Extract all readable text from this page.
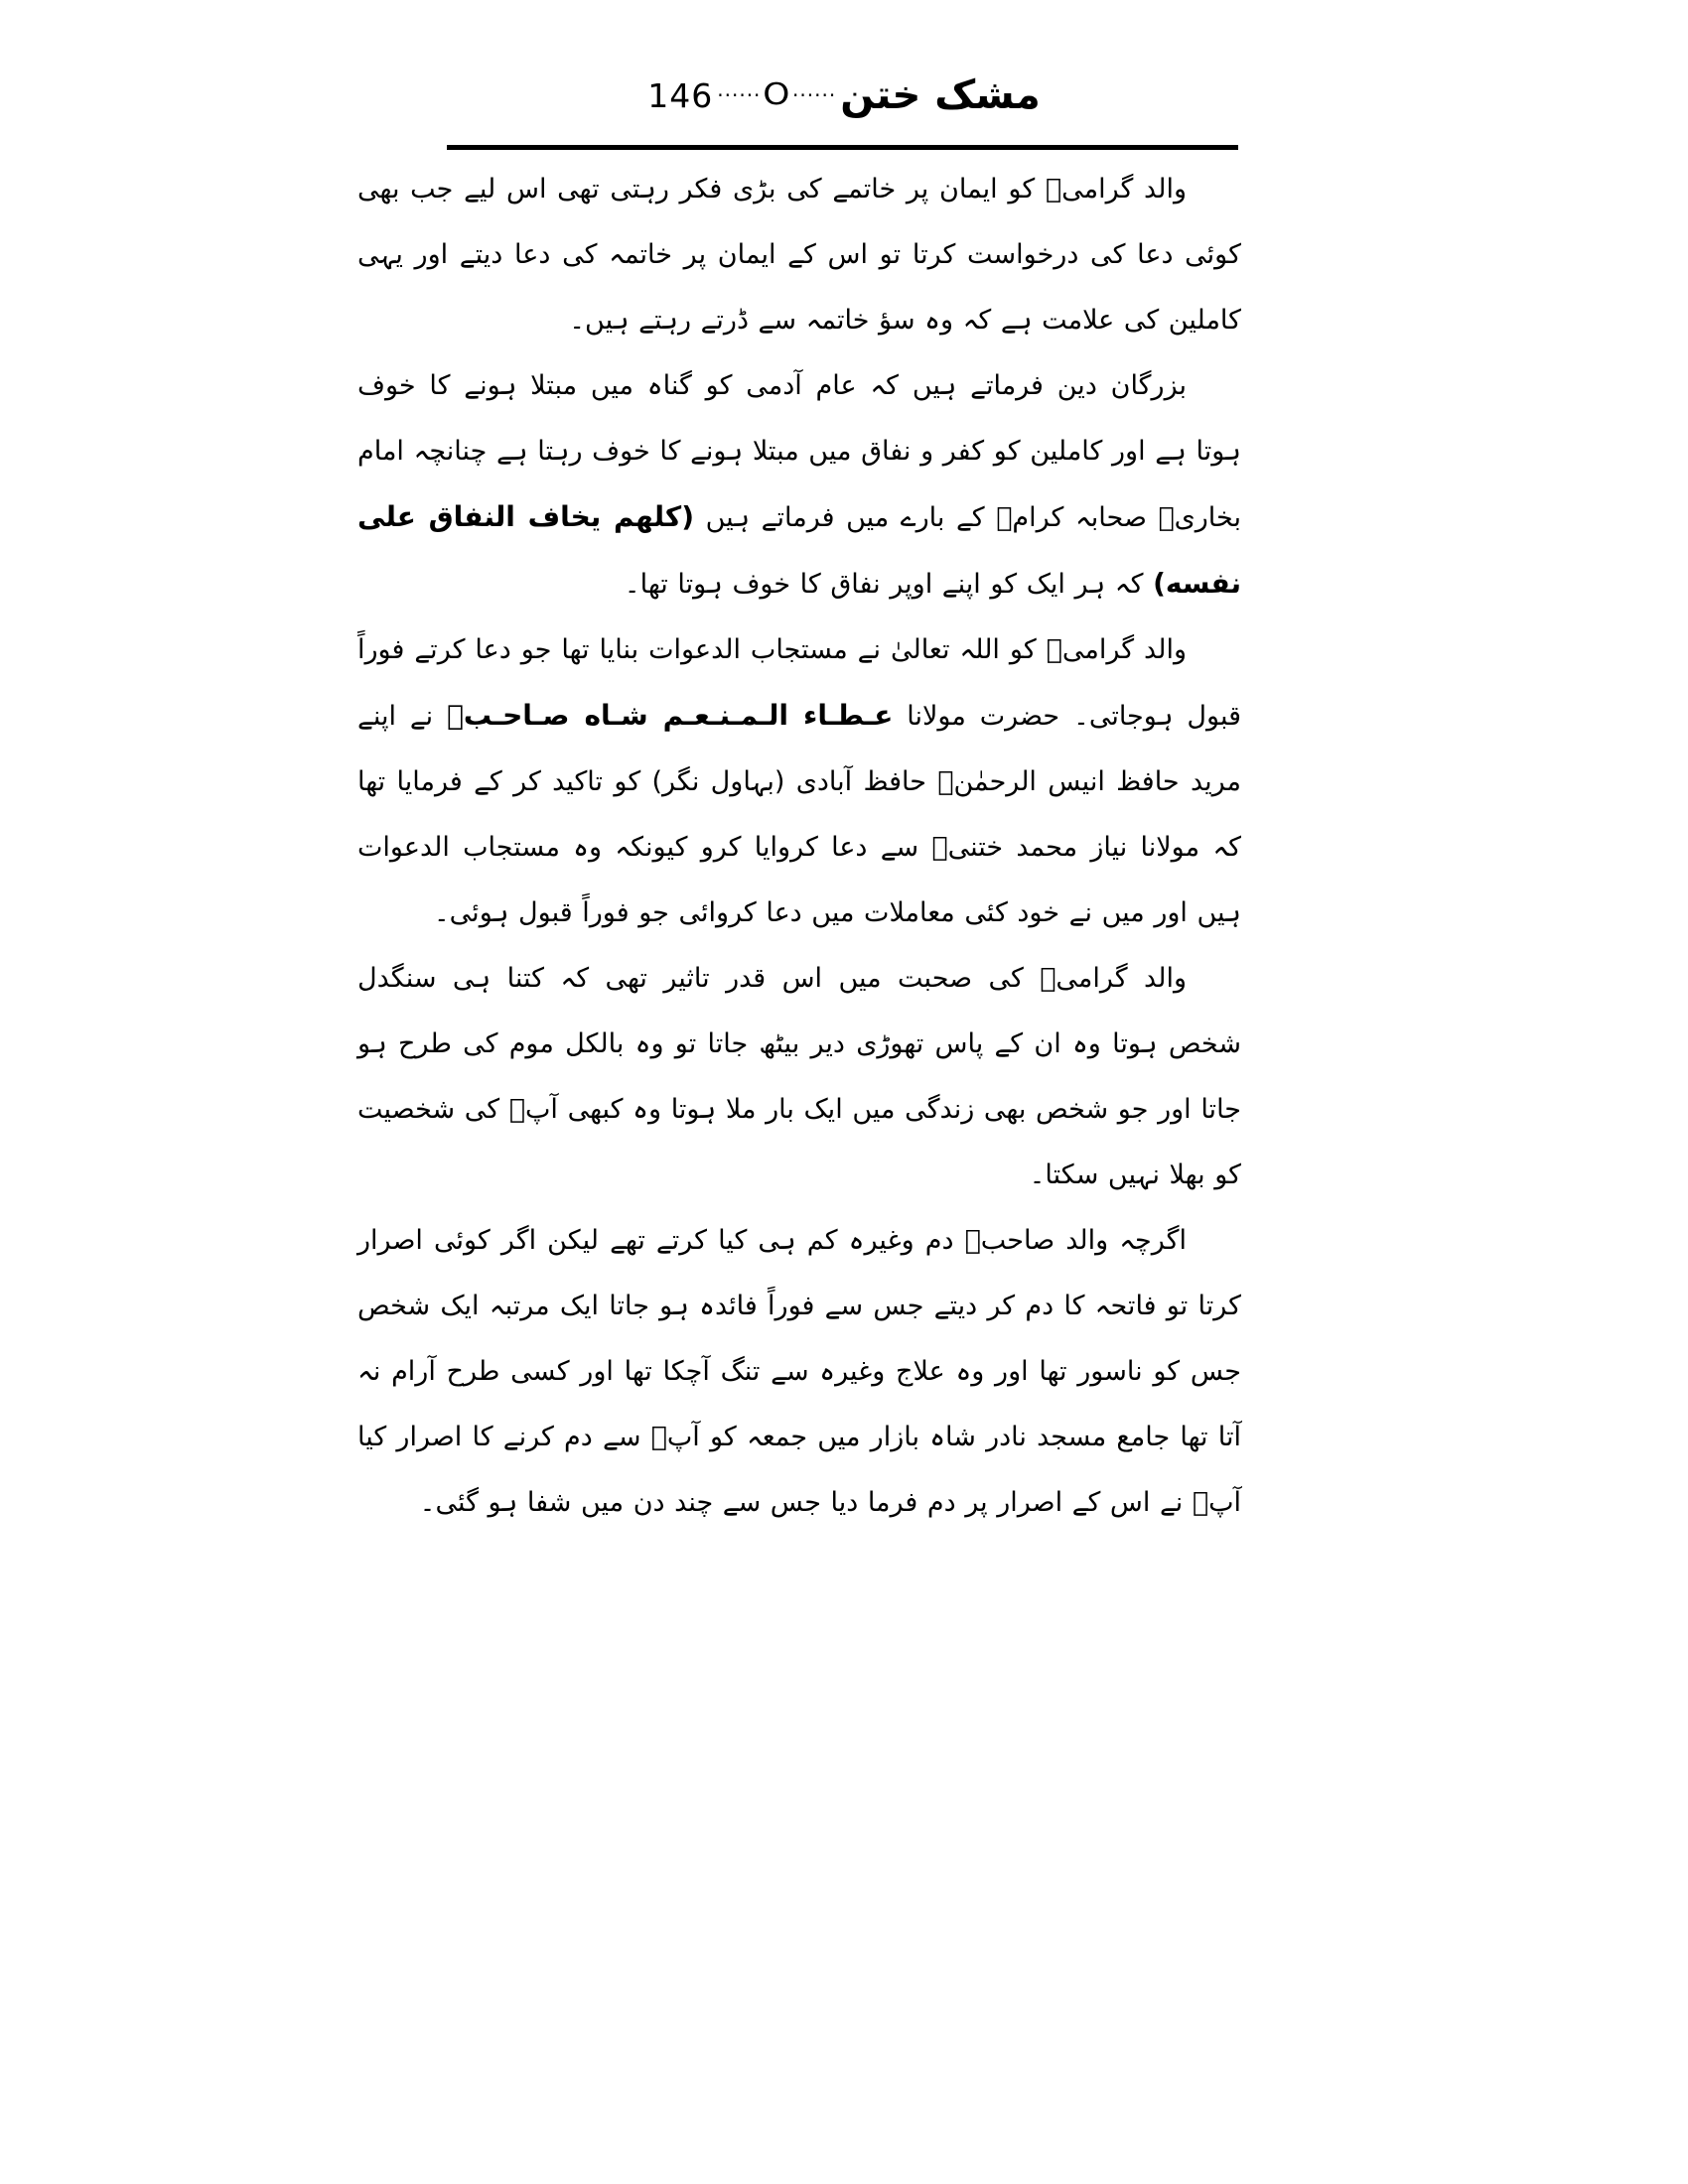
146 ...... O ...... مشک ختن

والد گرامیؒ کو ایمان پر خاتمے کی بڑی فکر رہتی تھی اس لیے جب بھی کوئی دعا کی درخواست کرتا تو اس کے ایمان پر خاتمہ کی دعا دیتے اور یہی کاملین کی علامت ہے کہ وہ سؤ خاتمہ سے ڈرتے رہتے ہیں۔

بزرگان دین فرماتے ہیں کہ عام آدمی کو گناہ میں مبتلا ہونے کا خوف ہوتا ہے اور کاملین کو کفر و نفاق میں مبتلا ہونے کا خوف رہتا ہے چنانچہ امام بخاریؒ صحابہ کرامؓ کے بارے میں فرماتے ہیں (کلهم یخاف النفاق علی نفسه) کہ ہر ایک کو اپنے اوپر نفاق کا خوف ہوتا تھا۔

والد گرامیؒ کو اللہ تعالیٰ نے مستجاب الدعوات بنایا تھا جو دعا کرتے فوراً قبول ہوجاتی۔ حضرت مولانا عـطـاء الـمـنـعـم شـاه صـاحـبؒ نے اپنے مرید حافظ انیس الرحمٰنؒ حافظ آبادی (بہاول نگر) کو تاکید کر کے فرمایا تھا کہ مولانا نیاز محمد ختنیؒ سے دعا کروایا کرو کیونکہ وہ مستجاب الدعوات ہیں اور میں نے خود کئی معاملات میں دعا کروائی جو فوراً قبول ہوئی۔

والد گرامیؒ کی صحبت میں اس قدر تاثیر تھی کہ کتنا ہی سنگدل شخص ہوتا وہ ان کے پاس تھوڑی دیر بیٹھ جاتا تو وہ بالکل موم کی طرح ہو جاتا اور جو شخص بھی زندگی میں ایک بار ملا ہوتا وہ کبھی آپؒ کی شخصیت کو بھلا نہیں سکتا۔

اگرچہ والد صاحبؒ دم وغیرہ کم ہی کیا کرتے تھے لیکن اگر کوئی اصرار کرتا تو فاتحہ کا دم کر دیتے جس سے فوراً فائدہ ہو جاتا ایک مرتبہ ایک شخص جس کو ناسور تھا اور وہ علاج وغیرہ سے تنگ آچکا تھا اور کسی طرح آرام نہ آتا تھا جامع مسجد نادر شاہ بازار میں جمعہ کو آپؒ سے دم کرنے کا اصرار کیا آپؒ نے اس کے اصرار پر دم فرما دیا جس سے چند دن میں شفا ہو گئی۔
